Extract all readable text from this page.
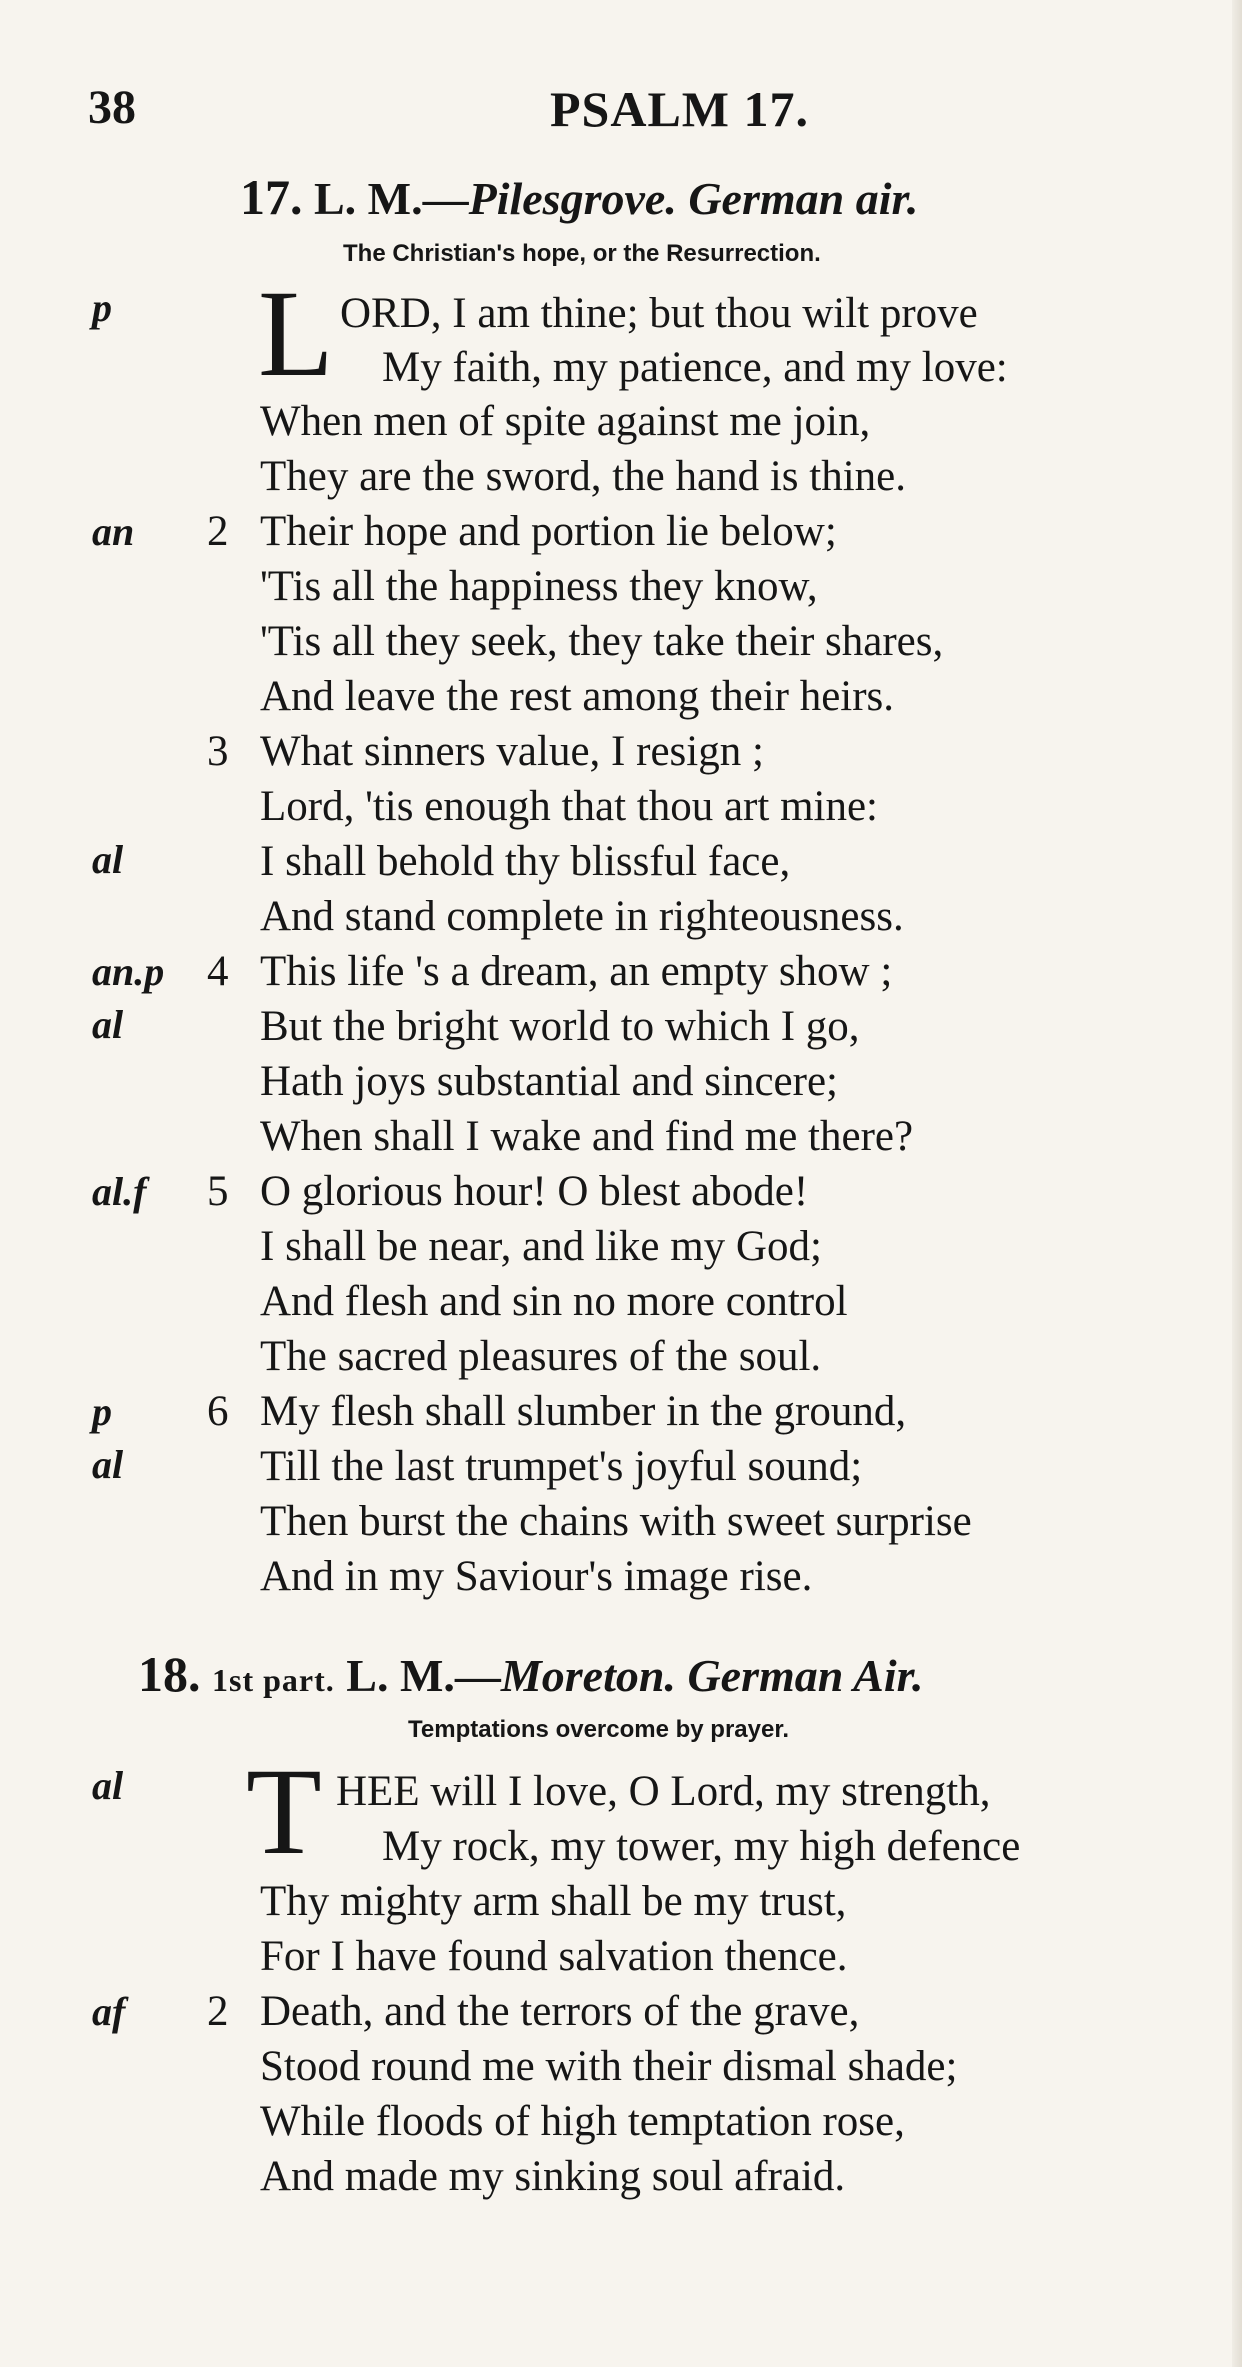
38	PSALM 17.
17. L. M.—Pilesgrove. German air.
The Christian's hope, or the Resurrection.
p L ORD, I am thine; but thou wilt prove
My faith, my patience, and my love:
When men of spite against me join,
They are the sword, the hand is thine.
an 2 Their hope and portion lie below;
'Tis all the happiness they know,
'Tis all they seek, they take their shares,
And leave the rest among their heirs.
3 What sinners value, I resign ;
Lord, 'tis enough that thou art mine:
al	I shall behold thy blissful face,
And stand complete in righteousness.
an.p 4 This life 's a dream, an empty show ;
al	But the bright world to which I go,
Hath joys substantial and sincere;
When shall I wake and find me there?
al.f 5 O glorious hour! O blest abode!
I shall be near, and like my God;
And flesh and sin no more control
The sacred pleasures of the soul.
p 6 My flesh shall slumber in the ground,
al	Till the last trumpet's joyful sound;
Then burst the chains with sweet surprise
And in my Saviour's image rise.
18. 1st part. L. M.—Moreton. German Air.
Temptations overcome by prayer.
al T HEE will I love, O Lord, my strength,
My rock, my tower, my high defence
Thy mighty arm shall be my trust,
For I have found salvation thence.
af 2 Death, and the terrors of the grave,
Stood round me with their dismal shade;
While floods of high temptation rose,
And made my sinking soul afraid.
